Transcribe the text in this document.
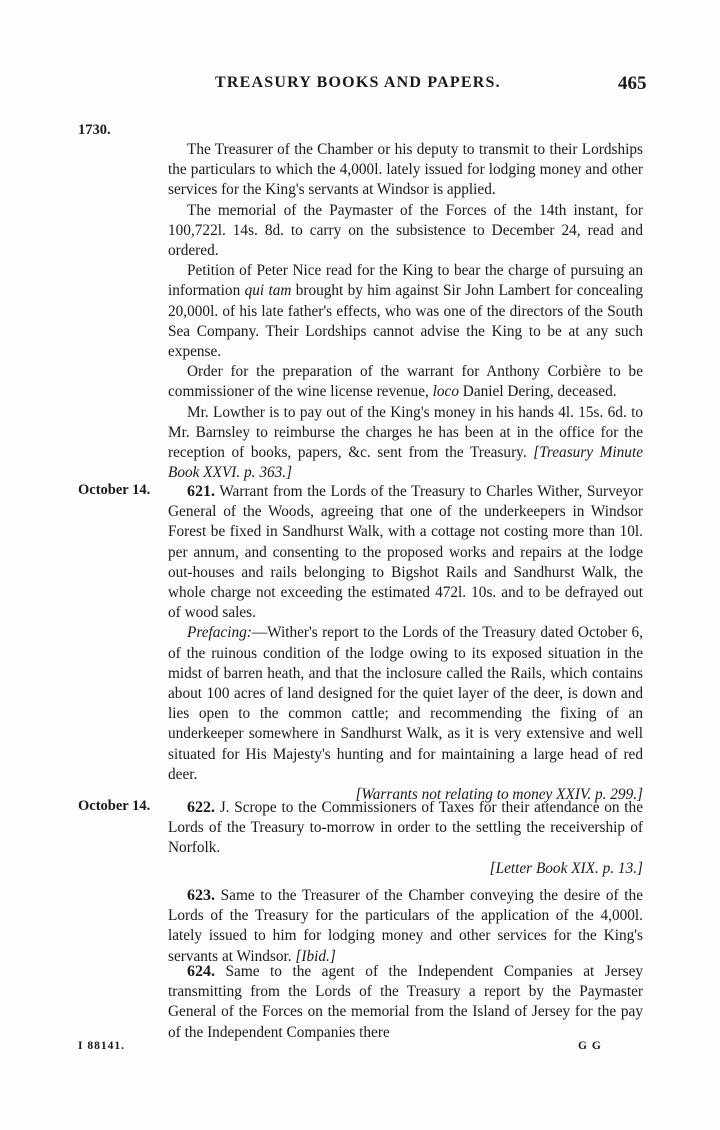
TREASURY BOOKS AND PAPERS.	465
1730.

The Treasurer of the Chamber or his deputy to transmit to their Lordships the particulars to which the 4,000l. lately issued for lodging money and other services for the King's servants at Windsor is applied.

The memorial of the Paymaster of the Forces of the 14th instant, for 100,722l. 14s. 8d. to carry on the subsistence to December 24, read and ordered.

Petition of Peter Nice read for the King to bear the charge of pursuing an information qui tam brought by him against Sir John Lambert for concealing 20,000l. of his late father's effects, who was one of the directors of the South Sea Company. Their Lordships cannot advise the King to be at any such expense.

Order for the preparation of the warrant for Anthony Corbière to be commissioner of the wine license revenue, loco Daniel Dering, deceased.

Mr. Lowther is to pay out of the King's money in his hands 4l. 15s. 6d. to Mr. Barnsley to reimburse the charges he has been at in the office for the reception of books, papers, &c. sent from the Treasury. [Treasury Minute Book XXVI. p. 363.]

October 14.	621. Warrant from the Lords of the Treasury to Charles Wither, Surveyor General of the Woods, agreeing that one of the underkeepers in Windsor Forest be fixed in Sandhurst Walk, with a cottage not costing more than 10l. per annum, and consenting to the proposed works and repairs at the lodge out-houses and rails belonging to Bigshot Rails and Sandhurst Walk, the whole charge not exceeding the estimated 472l. 10s. and to be defrayed out of wood sales.

Prefacing:—Wither's report to the Lords of the Treasury dated October 6, of the ruinous condition of the lodge owing to its exposed situation in the midst of barren heath, and that the inclosure called the Rails, which contains about 100 acres of land designed for the quiet layer of the deer, is down and lies open to the common cattle; and recommending the fixing of an underkeeper somewhere in Sandhurst Walk, as it is very extensive and well situated for His Majesty's hunting and for maintaining a large head of red deer.

[Warrants not relating to money XXIV. p. 299.]

October 14.	622. J. Scrope to the Commissioners of Taxes for their attendance on the Lords of the Treasury to-morrow in order to the settling the receivership of Norfolk.

[Letter Book XIX. p. 13.]

623. Same to the Treasurer of the Chamber conveying the desire of the Lords of the Treasury for the particulars of the application of the 4,000l. lately issued to him for lodging money and other services for the King's servants at Windsor. [Ibid.]

624. Same to the agent of the Independent Companies at Jersey transmitting from the Lords of the Treasury a report by the Paymaster General of the Forces on the memorial from the Island of Jersey for the pay of the Independent Companies there

I 88141.	G G
